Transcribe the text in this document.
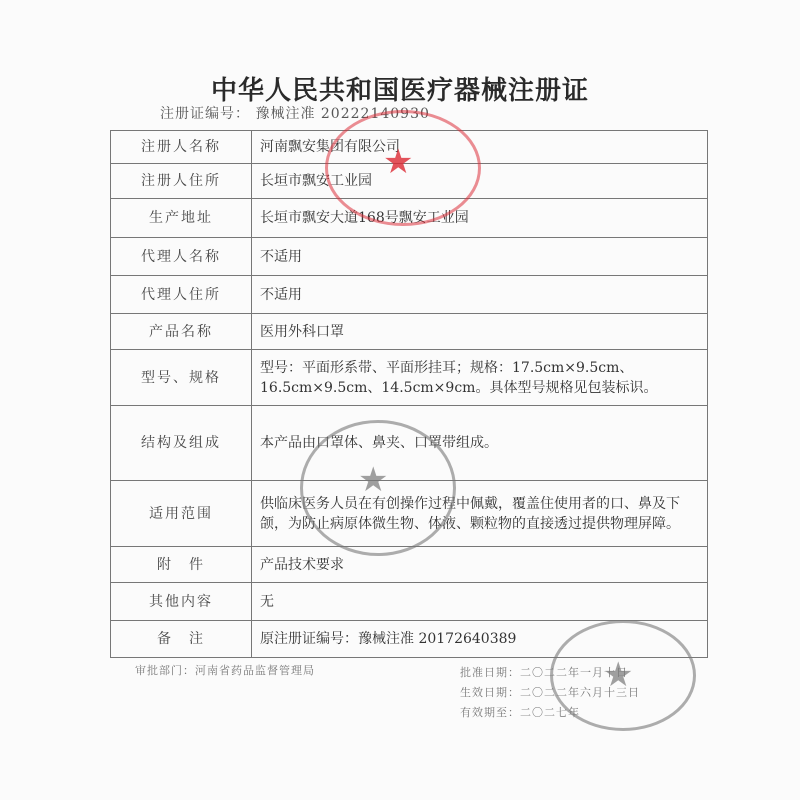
中华人民共和国医疗器械注册证
注册证编号： 豫械注准 20222140930
注册人名称	河南飘安集团有限公司
注册人住所	长垣市飘安工业园
生产地址	长垣市飘安大道168号飘安工业园
代理人名称	不适用
代理人住所	不适用
产品名称	医用外科口罩
型号、规格	型号：平面形系带、平面形挂耳；规格：17.5cm×9.5cm、16.5cm×9.5cm、14.5cm×9cm。具体型号规格见包装标识。
结构及组成	本产品由口罩体、鼻夹、口罩带组成。
适用范围	供临床医务人员在有创操作过程中佩戴，覆盖住使用者的口、鼻及下颌，为防止病原体微生物、体液、颗粒物的直接透过提供物理屏障。
附　件	产品技术要求
其他内容	无
备　注	原注册证编号：豫械注准 20172640389
审批部门：河南省药品监督管理局	批准日期：二〇二二年一月十日
生效日期：二〇二二年六月十三日
有效期至：二〇二七年
★
★
★
